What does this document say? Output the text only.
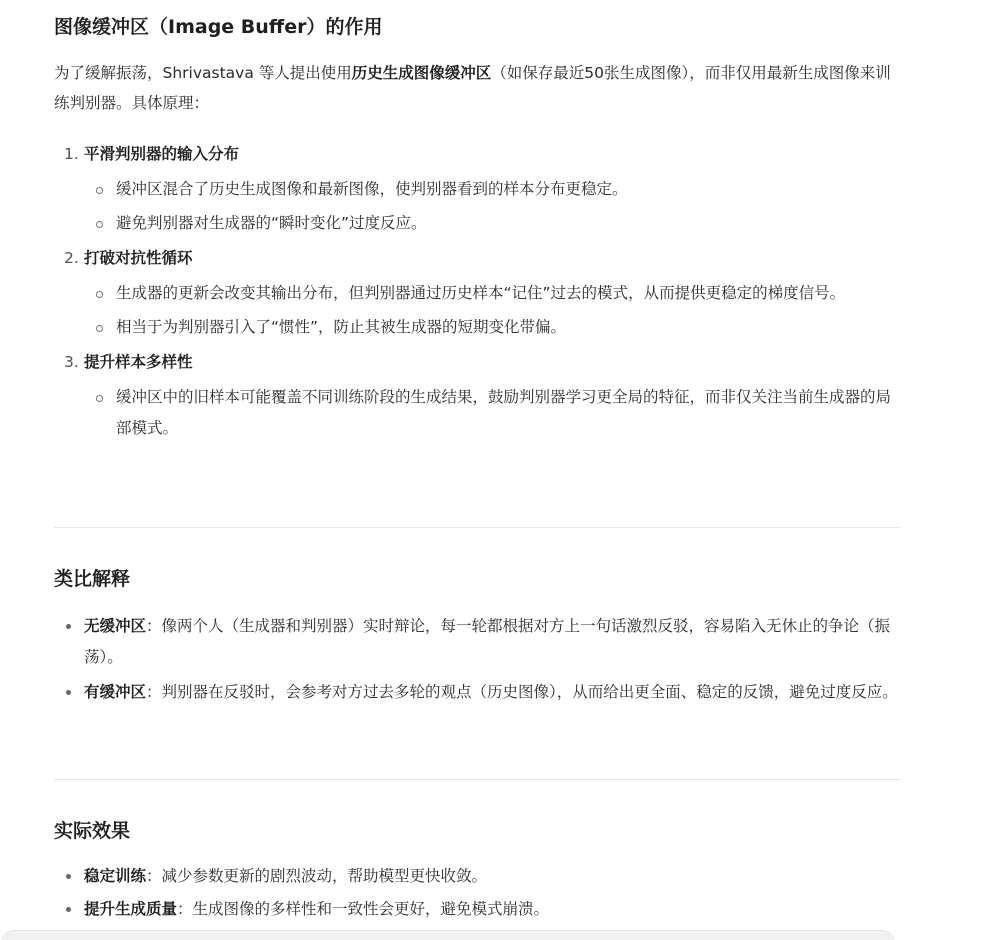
图像缓冲区（Image Buffer）的作用

为了缓解振荡，Shrivastava 等人提出使用历史生成图像缓冲区（如保存最近50张生成图像），而非仅用最新生成图像来训练判别器。具体原理：

1. 平滑判别器的输入分布
缓冲区混合了历史生成图像和最新图像，使判别器看到的样本分布更稳定。
避免判别器对生成器的“瞬时变化”过度反应。
2. 打破对抗性循环
生成器的更新会改变其输出分布，但判别器通过历史样本“记住”过去的模式，从而提供更稳定的梯度信号。
相当于为判别器引入了“惯性”，防止其被生成器的短期变化带偏。
3. 提升样本多样性
缓冲区中的旧样本可能覆盖不同训练阶段的生成结果，鼓励判别器学习更全局的特征，而非仅关注当前生成器的局部模式。
类比解释
无缓冲区：像两个人（生成器和判别器）实时辩论，每一轮都根据对方上一句话激烈反驳，容易陷入无休止的争论（振荡）。
有缓冲区：判别器在反驳时，会参考对方过去多轮的观点（历史图像），从而给出更全面、稳定的反馈，避免过度反应。
实际效果
稳定训练：减少参数更新的剧烈波动，帮助模型更快收敛。
提升生成质量：生成图像的多样性和一致性会更好，避免模式崩溃。
